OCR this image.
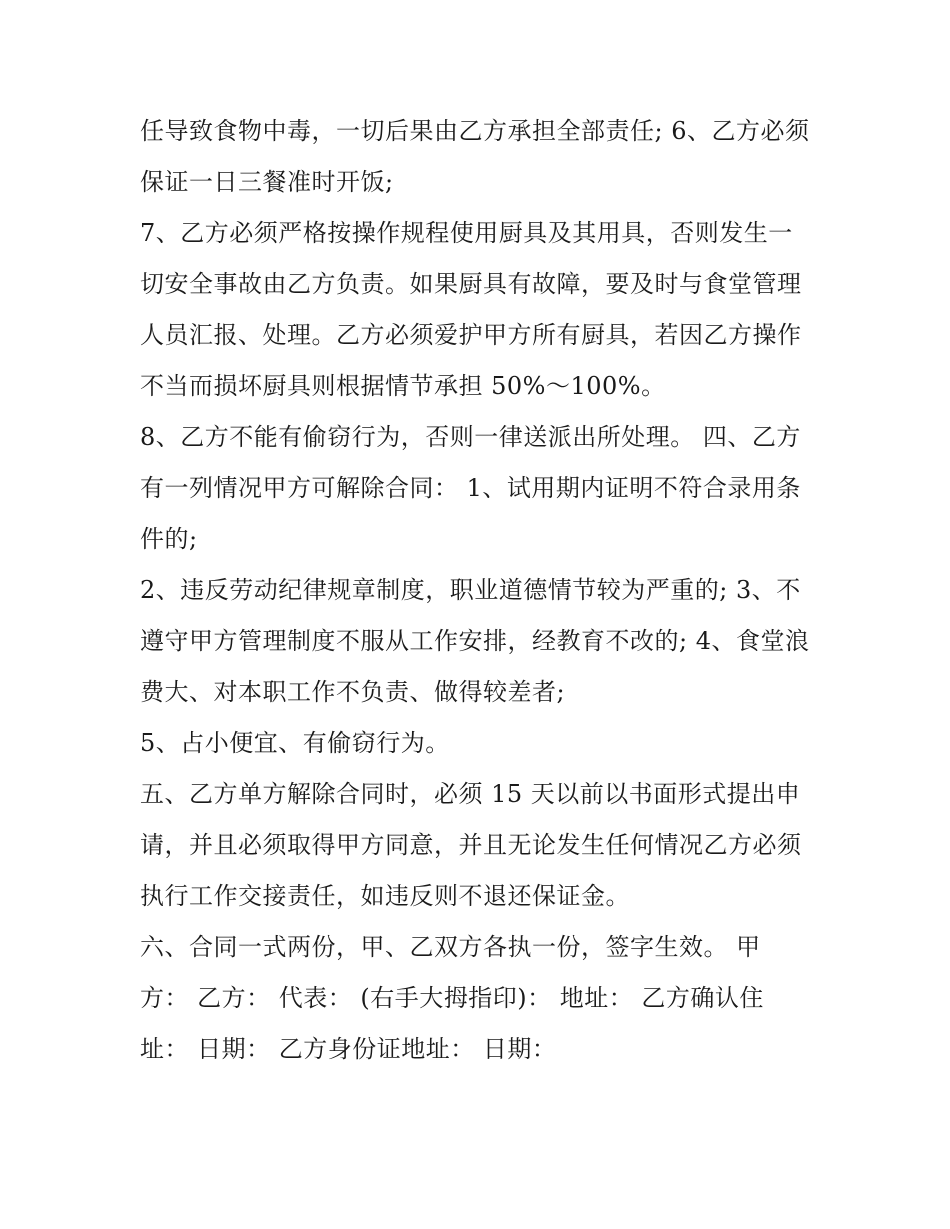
任导致食物中毒，一切后果由乙方承担全部责任; 6、乙方必须
保证一日三餐准时开饭;
7、乙方必须严格按操作规程使用厨具及其用具，否则发生一
切安全事故由乙方负责。如果厨具有故障，要及时与食堂管理
人员汇报、处理。乙方必须爱护甲方所有厨具，若因乙方操作
不当而损坏厨具则根据情节承担 50%～100%。
8、乙方不能有偷窃行为，否则一律送派出所处理。 四、乙方
有一列情况甲方可解除合同： 1、试用期内证明不符合录用条
件的;
2、违反劳动纪律规章制度，职业道德情节较为严重的; 3、不
遵守甲方管理制度不服从工作安排，经教育不改的; 4、食堂浪
费大、对本职工作不负责、做得较差者;
5、占小便宜、有偷窃行为。
五、乙方单方解除合同时，必须 15 天以前以书面形式提出申
请，并且必须取得甲方同意，并且无论发生任何情况乙方必须
执行工作交接责任，如违反则不退还保证金。
六、合同一式两份，甲、乙双方各执一份，签字生效。 甲
方： 乙方： 代表： (右手大拇指印)： 地址： 乙方确认住
址： 日期： 乙方身份证地址： 日期：
